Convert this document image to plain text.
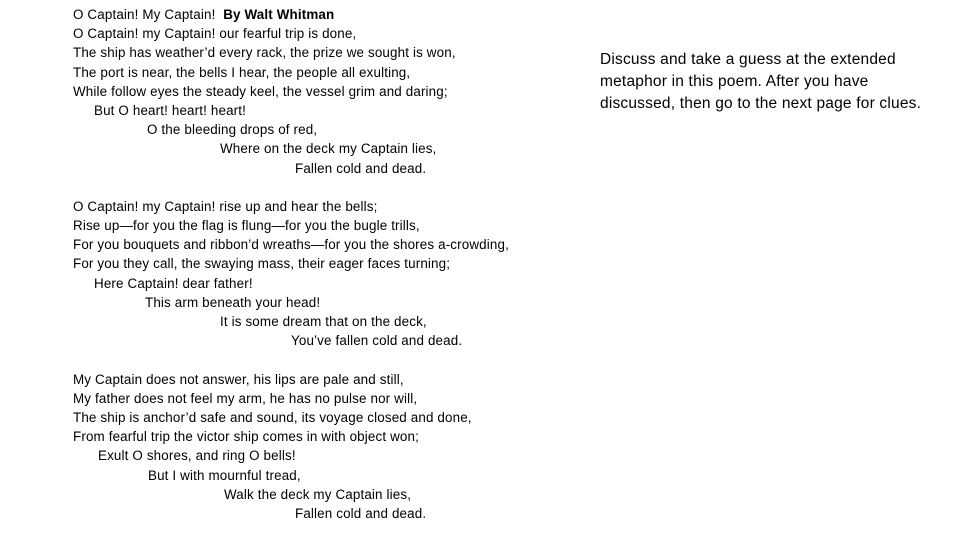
O Captain! My Captain!  By Walt Whitman
O Captain! my Captain! our fearful trip is done,
The ship has weather’d every rack, the prize we sought is won,
The port is near, the bells I hear, the people all exulting,
While follow eyes the steady keel, the vessel grim and daring;
But O heart! heart! heart!
O the bleeding drops of red,
Where on the deck my Captain lies,
Fallen cold and dead.
O Captain! my Captain! rise up and hear the bells;
Rise up—for you the flag is flung—for you the bugle trills,
For you bouquets and ribbon’d wreaths—for you the shores a-crowding,
For you they call, the swaying mass, their eager faces turning;
Here Captain! dear father!
This arm beneath your head!
It is some dream that on the deck,
You’ve fallen cold and dead.
My Captain does not answer, his lips are pale and still,
My father does not feel my arm, he has no pulse nor will,
The ship is anchor’d safe and sound, its voyage closed and done,
From fearful trip the victor ship comes in with object won;
Exult O shores, and ring O bells!
But I with mournful tread,
Walk the deck my Captain lies,
Fallen cold and dead.
Discuss and take a guess at the extended
metaphor in this poem. After you have
discussed, then go to the next page for clues.
